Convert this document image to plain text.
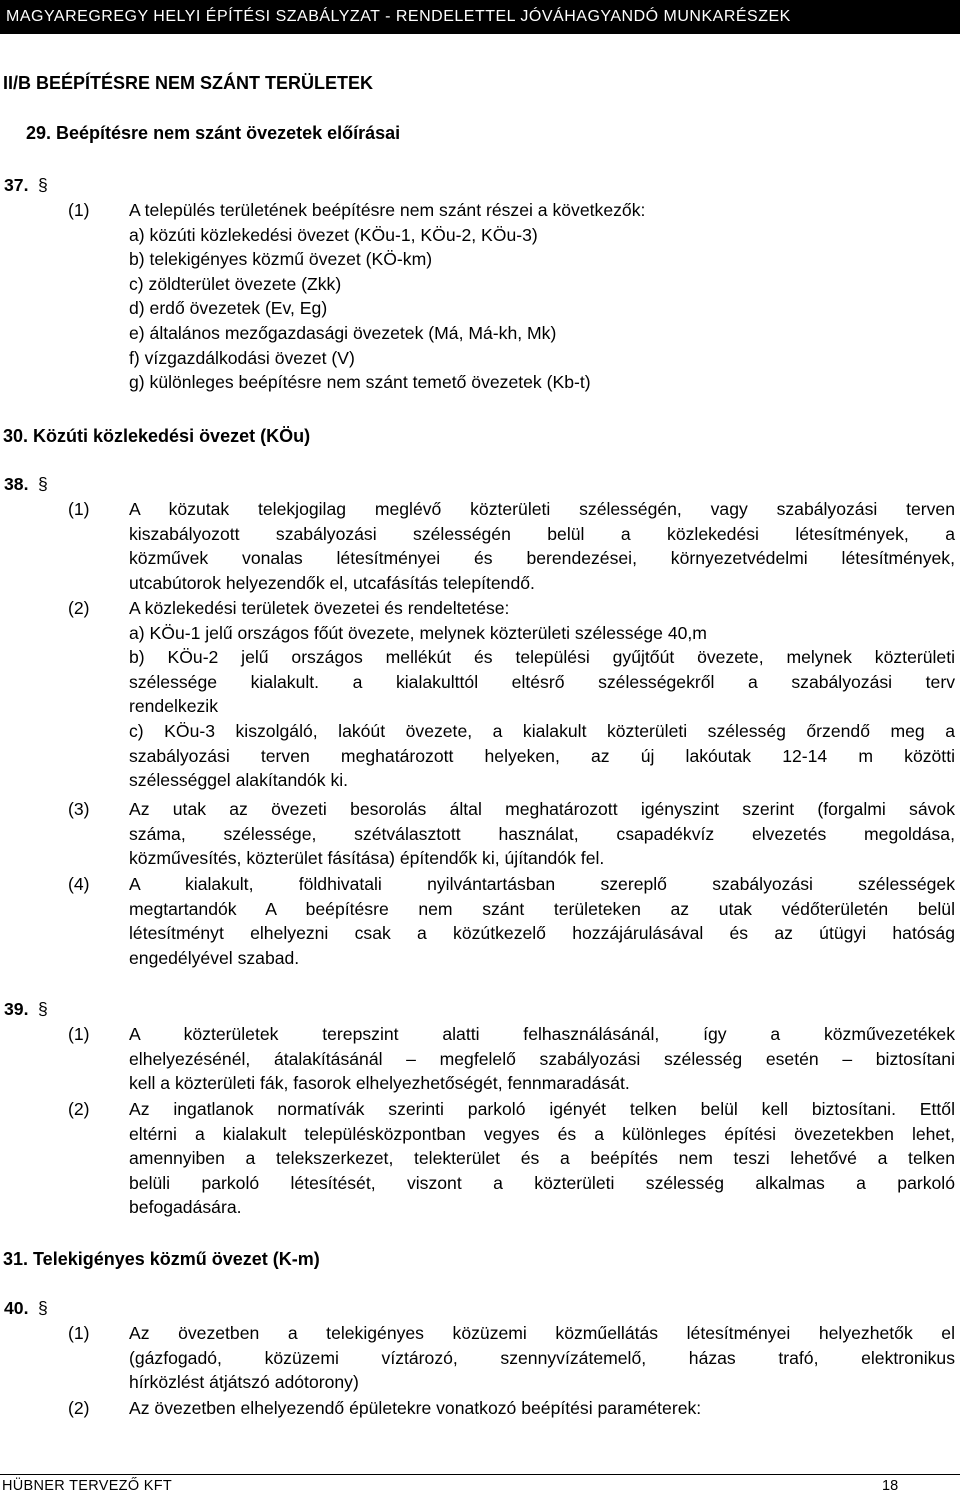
MAGYAREGREGY HELYI ÉPÍTÉSI SZABÁLYZAT - RENDELETTEL JÓVÁHAGYANDÓ MUNKARÉSZEK
II/B BEÉPÍTÉSRE NEM SZÁNT TERÜLETEK
29. Beépítésre nem szánt övezetek előírásai
37. §
(1) A település területének beépítésre nem szánt részei a következők:
a) közúti közlekedési övezet (KÖu-1, KÖu-2, KÖu-3)
b) telekigényes közmű övezet (KÖ-km)
c) zöldterület övezete (Zkk)
d) erdő övezetek (Ev, Eg)
e) általános mezőgazdasági övezetek (Má, Má-kh, Mk)
f) vízgazdálkodási övezet (V)
g) különleges beépítésre nem szánt temető övezetek (Kb-t)
30. Közúti közlekedési övezet (KÖu)
38. §
(1) A közutak telekjogilag meglévő közterületi szélességén, vagy szabályozási terven
kiszabályozott szabályozási szélességén belül a közlekedési létesítmények, a
közművek vonalas létesítményei és berendezései, környezetvédelmi létesítmények,
utcabútorok helyezendők el, utcafásítás telepítendő.
(2) A közlekedési területek övezetei és rendeltetése:
a) KÖu-1 jelű országos főút övezete, melynek közterületi szélessége 40,m
b) KÖu-2 jelű országos mellékút és települési gyűjtőút övezete, melynek közterületi
szélessége kialakult. a kialakulttól eltésrő szélességekről a szabályozási terv
rendelkezik
c) KÖu-3 kiszolgáló, lakóút övezete, a kialakult közterületi szélesség őrzendő meg a
szabályozási terven meghatározott helyeken, az új lakóutak 12-14 m közötti
szélességgel alakítandók ki.
(3) Az utak az övezeti besorolás által meghatározott igényszint szerint (forgalmi sávok
száma, szélessége, szétválasztott használat, csapadékvíz elvezetés megoldása,
közművesítés, közterület fásítása) építendők ki, újítandók fel.
(4) A kialakult, földhivatali nyilvántartásban szereplő szabályozási szélességek
megtartandók A beépítésre nem szánt területeken az utak védőterületén belül
létesítményt elhelyezni csak a közútkezelő hozzájárulásával és az útügyi hatóság
engedélyével szabad.
39. §
(1) A közterületek terepszint alatti felhasználásánál, így a közművezetékek
elhelyezésénél, átalakításánál – megfelelő szabályozási szélesség esetén – biztosítani
kell a közterületi fák, fasorok elhelyezhetőségét, fennmaradását.
(2) Az ingatlanok normatívák szerinti parkoló igényét telken belül kell biztosítani. Ettől
eltérni a kialakult településközpontban vegyes és a különleges építési övezetekben lehet,
amennyiben a telekszerkezet, telekterület és a beépítés nem teszi lehetővé a telken
belüli parkoló létesítését, viszont a közterületi szélesség alkalmas a parkoló
befogadására.
31. Telekigényes közmű övezet (K-m)
40. §
(1) Az övezetben a telekigényes közüzemi közműellátás létesítményei helyezhetők el
(gázfogadó, közüzemi víztározó, szennyvízátemelő, házas trafó, elektronikus
hírközlést átjátszó adótorony)
(2) Az övezetben elhelyezendő épületekre vonatkozó beépítési paraméterek:
HÜBNER TERVEZŐ KFT	18
